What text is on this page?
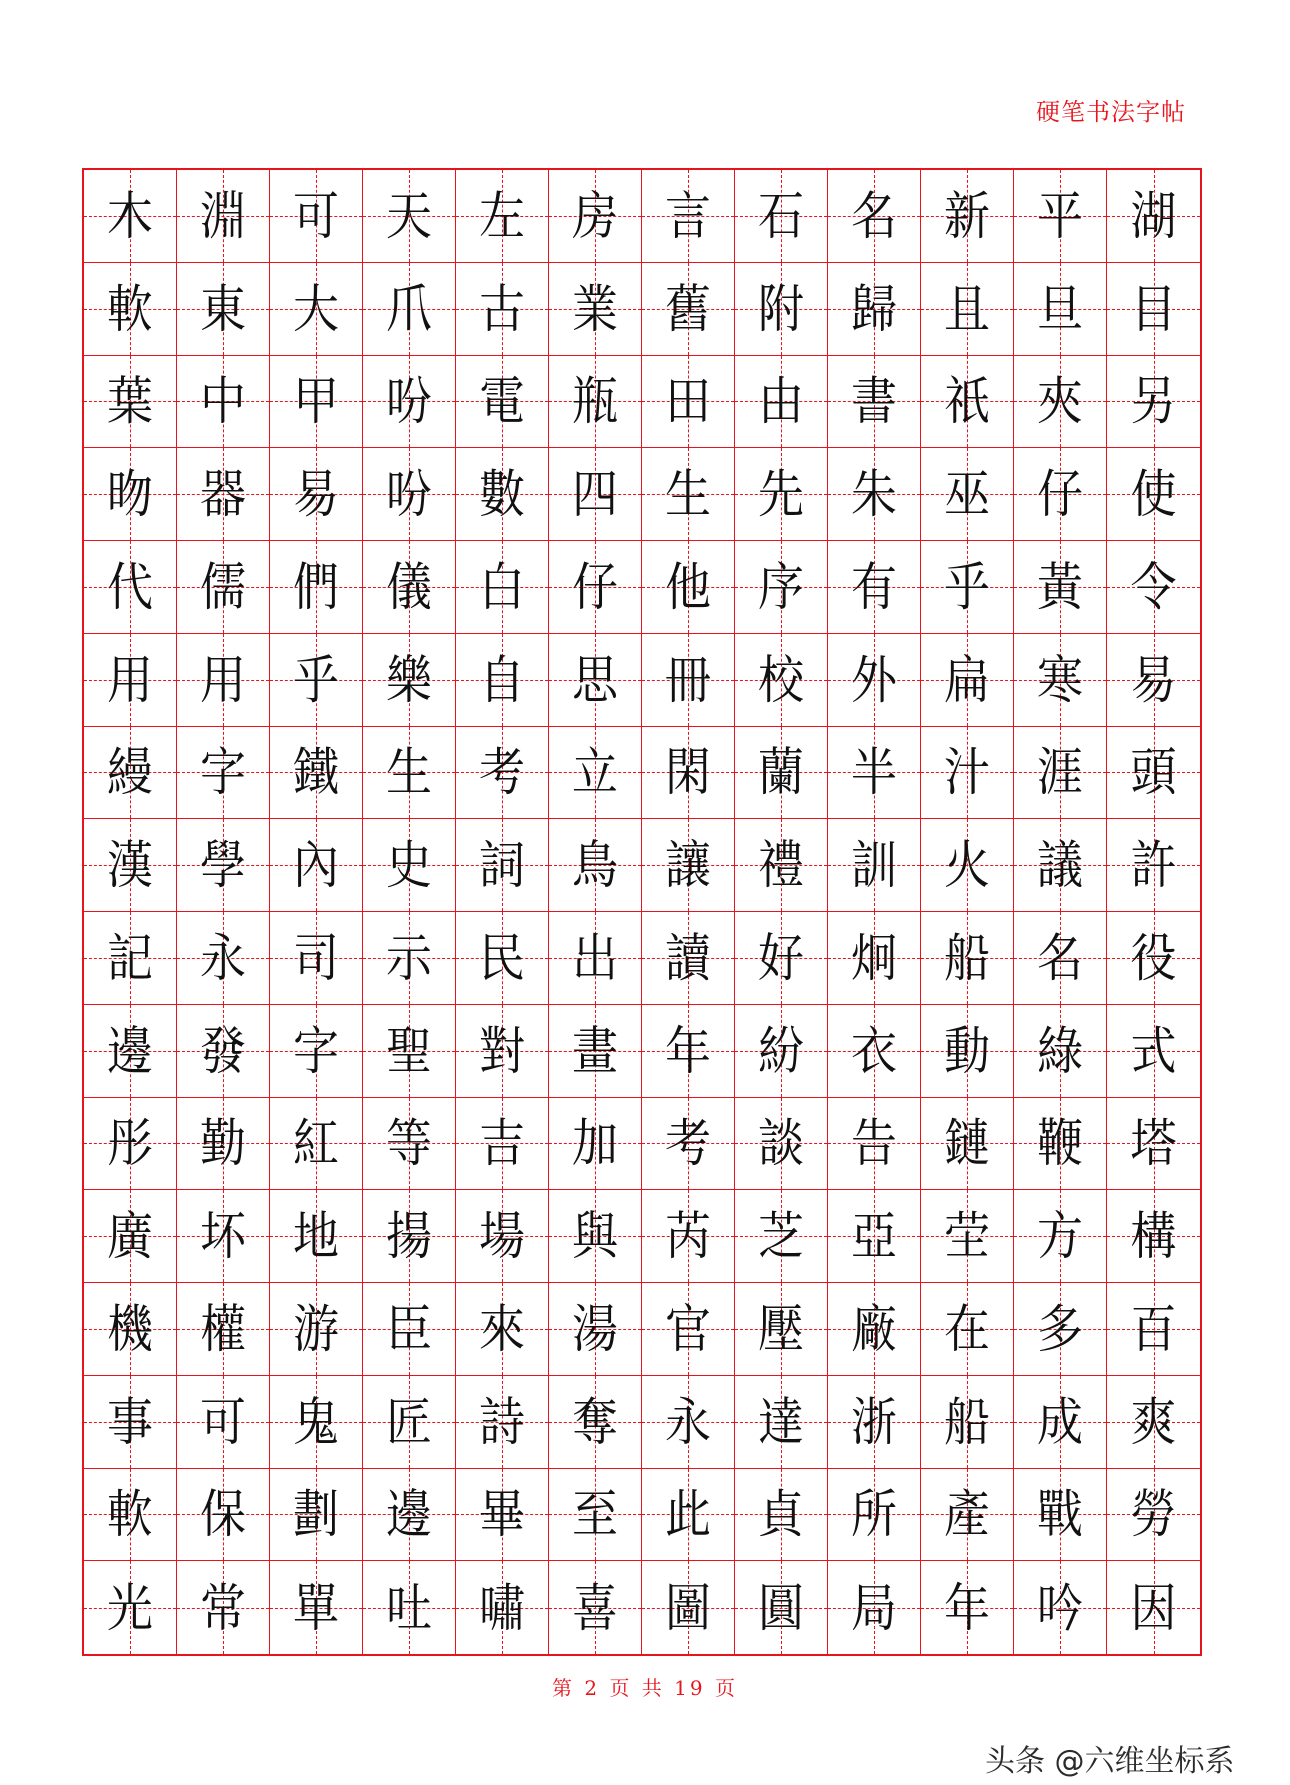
硬笔书法字帖
木 淵 可 天 左 房 言 石 名 新 平 湖
軟 東 大 爪 古 業 舊 附 歸 且 旦 目
葉 中 甲 吩 電 瓶 田 由 書 祇 夾 另
昒 器 易 吩 數 四 生 先 朱 巫 仔 使
代 儒 們 儀 白 仔 他 序 有 乎 黃 令
用 用 乎 樂 自 思 冊 校 外 扁 寒 易
縵 字 鐵 生 考 立 閑 蘭 半 汁 涯 頭
漢 學 內 史 詞 鳥 讓 禮 訓 火 議 許
記 永 司 示 民 出 讀 好 炯 船 名 役
邊 發 字 聖 對 畫 年 紛 衣 動 綠 式
彤 勤 紅 等 吉 加 考 談 告 鏈 鞭 塔
廣 坏 地 揚 場 與 芮 芝 亞 茔 方 構
機 權 游 臣 來 湯 官 壓 廠 在 多 百
事 可 鬼 匠 詩 奪 永 達 浙 船 成 爽
軟 保 劃 邊 畢 至 此 貞 所 產 戰 勞
光 常 單 吐 嘯 喜 圖 圓 局 年 吟 因
第 2 页 共 19 页
头条 @六维坐标系
